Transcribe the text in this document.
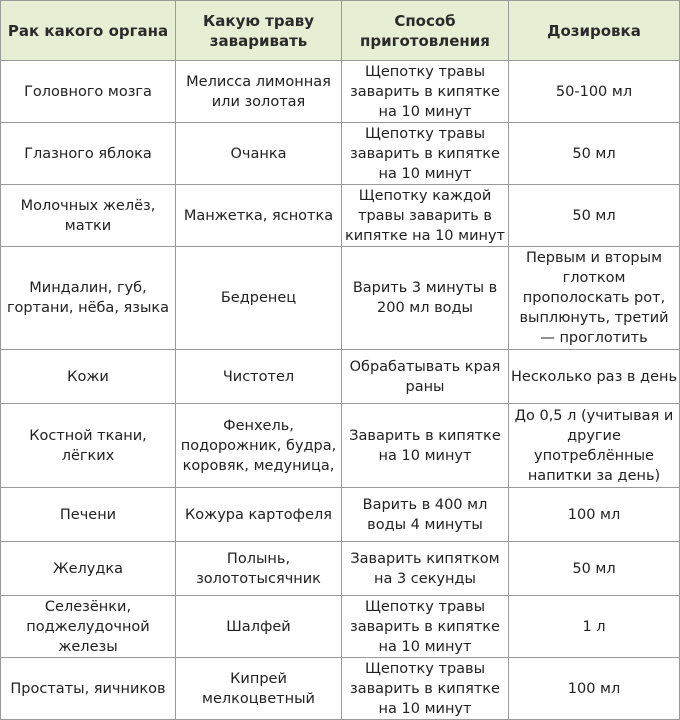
Рак какого органа	Какую траву заваривать	Способ приготовления	Дозировка
Головного мозга	Мелисса лимонная или золотая	Щепотку травы заварить в кипятке на 10 минут	50-100 мл
Глазного яблока	Очанка	Щепотку травы заварить в кипятке на 10 минут	50 мл
Молочных желёз, матки	Манжетка, яснотка	Щепотку каждой травы заварить в кипятке на 10 минут	50 мл
Миндалин, губ, гортани, нёба, языка	Бедренец	Варить 3 минуты в 200 мл воды	Первым и вторым глотком прополоскать рот, выплюнуть, третий — проглотить
Кожи	Чистотел	Обрабатывать края раны	Несколько раз в день
Костной ткани, лёгких	Фенхель, подорожник, будра, коровяк, медуница,	Заварить в кипятке на 10 минут	До 0,5 л (учитывая и другие употреблённые напитки за день)
Печени	Кожура картофеля	Варить в 400 мл воды 4 минуты	100 мл
Желудка	Полынь, золототысячник	Заварить кипятком на 3 секунды	50 мл
Селезёнки, поджелудочной железы	Шалфей	Щепотку травы заварить в кипятке на 10 минут	1 л
Простаты, яичников	Кипрей мелкоцветный	Щепотку травы заварить в кипятке на 10 минут	100 мл
